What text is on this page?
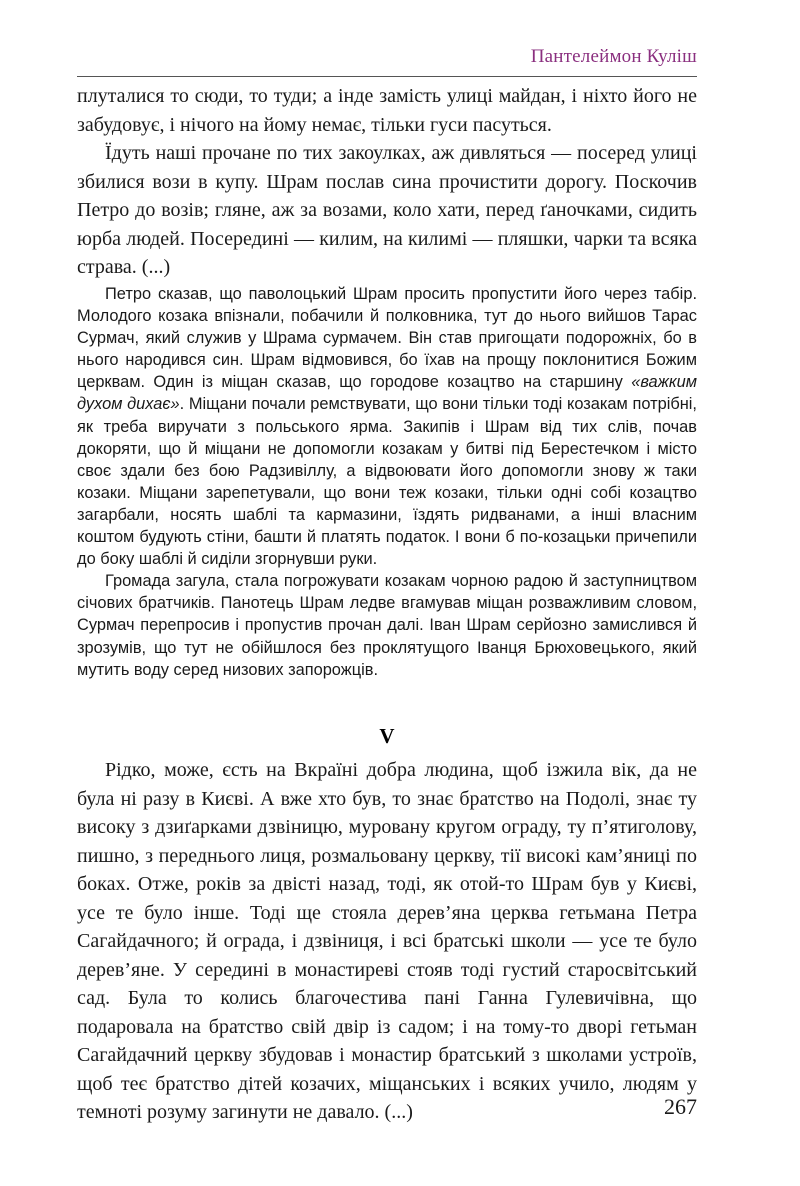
Пантелеймон Куліш

плуталися то сюди, то туди; а інде замість улиці майдан, і ніхто його не забудовує, і нічого на йому немає, тільки гуси пасуться.

Їдуть наші прочане по тих закоулках, аж дивляться — посеред улиці збилися вози в купу. Шрам послав сина прочистити дорогу. Поскочив Петро до возів; гляне, аж за возами, коло хати, перед ґаночками, сидить юрба людей. Посередині — килим, на килимі — пляшки, чарки та всяка страва. (...)

Петро сказав, що паволоцький Шрам просить пропустити його через табір. Молодого козака впізнали, побачили й полковника, тут до нього вийшов Тарас Сурмач, який служив у Шрама сурмачем. Він став пригощати подорожніх, бо в нього народився син. Шрам відмовився, бо їхав на прощу поклонитися Божим церквам. Один із міщан сказав, що городове козацтво на старшину «важким духом дихає». Міщани почали ремствувати, що вони тільки тоді козакам потрібні, як треба виручати з польського ярма. Закипів і Шрам від тих слів, почав докоряти, що й міщани не допомогли козакам у битві під Берестечком і місто своє здали без бою Радзивіллу, а відвоювати його допомогли знову ж таки козаки. Міщани зарепетували, що вони теж козаки, тільки одні собі козацтво загарбали, носять шаблі та кармазини, їздять ридванами, а інші власним коштом будують стіни, башти й платять податок. І вони б по-козацьки причепили до боку шаблі й сиділи згорнувши руки.

Громада загула, стала погрожувати козакам чорною радою й заступництвом січових братчиків. Панотець Шрам ледве вгамував міщан розважливим словом, Сурмач перепросив і пропустив прочан далі. Іван Шрам серйозно замислився й зрозумів, що тут не обійшлося без проклятущого Іванця Брюховецького, який мутить воду серед низових запорожців.

V

Рідко, може, єсть на Вкраїні добра людина, щоб ізжила вік, да не була ні разу в Києві. А вже хто був, то знає братство на Подолі, знає ту високу з дзиґарками дзвіницю, муровану кругом ограду, ту п’ятиголову, пишно, з переднього лиця, розмальовану церкву, тії високі кам’яниці по боках. Отже, років за двісті назад, тоді, як отой-то Шрам був у Києві, усе те було інше. Тоді ще стояла дерев’яна церква гетьмана Петра Сагайдачного; й ограда, і дзвіниця, і всі братські школи — усе те було дерев’яне. У середині в монастиреві стояв тоді густий старосвітський сад. Була то колись благочестива пані Ганна Гулевичівна, що подаровала на братство свій двір із садом; і на тому-то дворі гетьман Сагайдачний церкву збудовав і монастир братський з школами устроїв, щоб теє братство дітей козачих, міщанських і всяких учило, людям у темноті розуму загинути не давало. (...)	267
